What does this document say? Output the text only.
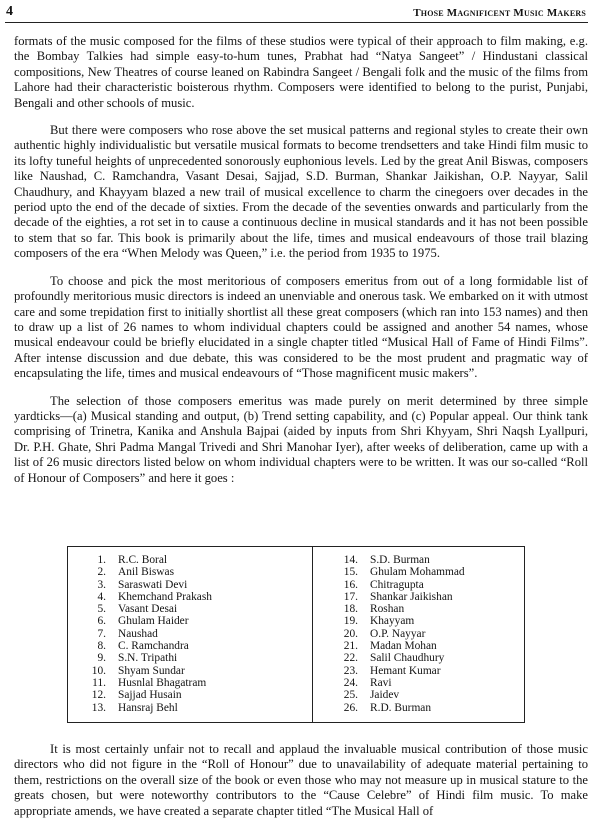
4	Those Magnificent Music Makers

formats of the music composed for the films of these studios were typical of their approach to film making, e.g. the Bombay Talkies had simple easy-to-hum tunes, Prabhat had “Natya Sangeet” / Hindustani classical compositions, New Theatres of course leaned on Rabindra Sangeet / Bengali folk and the music of the films from Lahore had their characteristic boisterous rhythm. Composers were identified to belong to the purist, Punjabi, Bengali and other schools of music.

But there were composers who rose above the set musical patterns and regional styles to create their own authentic highly individualistic but versatile musical formats to become trendsetters and take Hindi film music to its lofty tuneful heights of unprecedented sonorously euphonious levels. Led by the great Anil Biswas, composers like Naushad, C. Ramchandra, Vasant Desai, Sajjad, S.D. Burman, Shankar Jaikishan, O.P. Nayyar, Salil Chaudhury, and Khayyam blazed a new trail of musical excellence to charm the cinegoers over decades in the period upto the end of the decade of sixties. From the decade of the seventies onwards and particularly from the decade of the eighties, a rot set in to cause a continuous decline in musical standards and it has not been possible to stem that so far. This book is primarily about the life, times and musical endeavours of those trail blazing composers of the era “When Melody was Queen,” i.e. the period from 1935 to 1975.

To choose and pick the most meritorious of composers emeritus from out of a long formidable list of profoundly meritorious music directors is indeed an unenviable and onerous task. We embarked on it with utmost care and some trepidation first to initially shortlist all these great composers (which ran into 153 names) and then to draw up a list of 26 names to whom individual chapters could be assigned and another 54 names, whose musical endeavour could be briefly elucidated in a single chapter titled “Musical Hall of Fame of Hindi Films”. After intense discussion and due debate, this was considered to be the most prudent and pragmatic way of encapsulating the life, times and musical endeavours of “Those magnificent music makers”.

The selection of those composers emeritus was made purely on merit determined by three simple yardticks—(a) Musical standing and output, (b) Trend setting capability, and (c) Popular appeal. Our think tank comprising of Trinetra, Kanika and Anshula Bajpai (aided by inputs from Shri Khyyam, Shri Naqsh Lyallpuri, Dr. P.H. Ghate, Shri Padma Mangal Trivedi and Shri Manohar Iyer), after weeks of deliberation, came up with a list of 26 music directors listed below on whom individual chapters were to be written. It was our so-called “Roll of Honour of Composers” and here it goes :

1.	R.C. Boral
2.	Anil Biswas
3.	Saraswati Devi
4.	Khemchand Prakash
5.	Vasant Desai
6.	Ghulam Haider
7.	Naushad
8.	C. Ramchandra
9.	S.N. Tripathi
10.	Shyam Sundar
11.	Husnlal Bhagatram
12.	Sajjad Husain
13.	Hansraj Behl
14.	S.D. Burman
15.	Ghulam Mohammad
16.	Chitragupta
17.	Shankar Jaikishan
18.	Roshan
19.	Khayyam
20.	O.P. Nayyar
21.	Madan Mohan
22.	Salil Chaudhury
23.	Hemant Kumar
24.	Ravi
25.	Jaidev
26.	R.D. Burman

It is most certainly unfair not to recall and applaud the invaluable musical contribution of those music directors who did not figure in the “Roll of Honour” due to unavailability of adequate material pertaining to them, restrictions on the overall size of the book or even those who may not measure up in musical stature to the greats chosen, but were noteworthy contributors to the “Cause Celebre” of Hindi film music. To make appropriate amends, we have created a separate chapter titled “The Musical Hall of
